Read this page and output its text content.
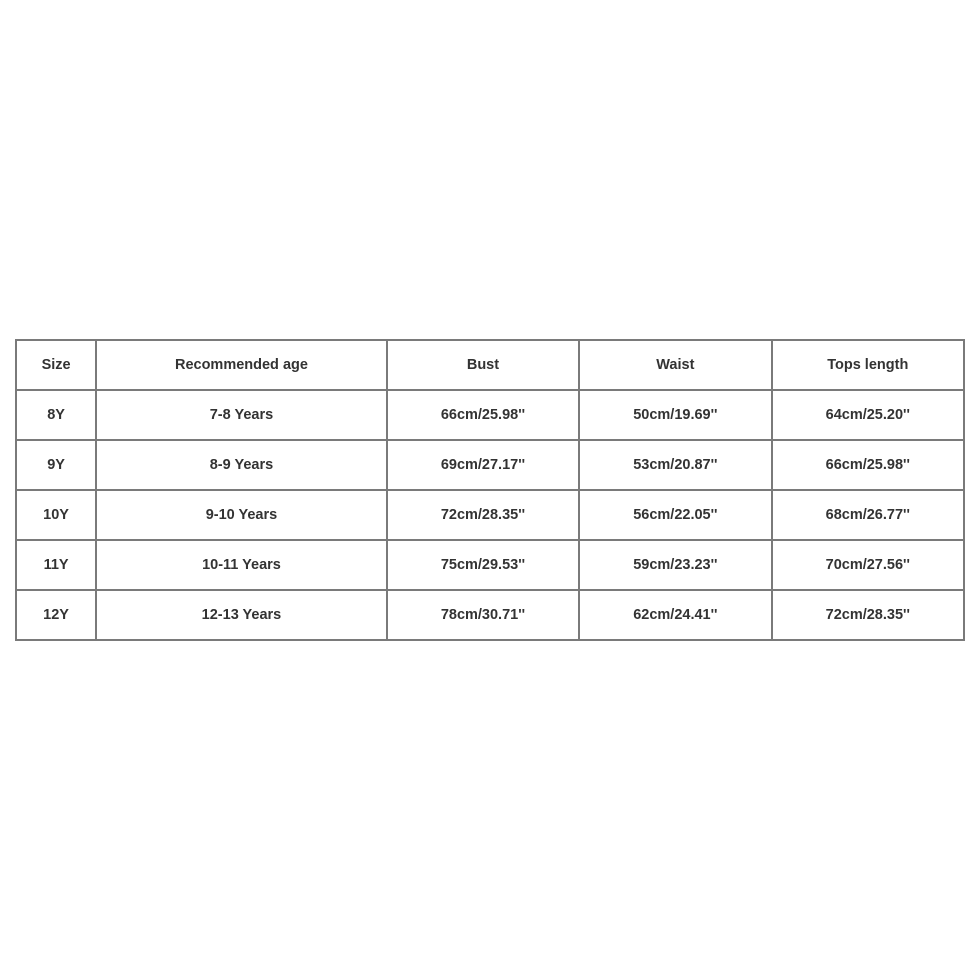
Size	Recommended age	Bust	Waist	Tops length
8Y	7-8 Years	66cm/25.98''	50cm/19.69''	64cm/25.20''
9Y	8-9 Years	69cm/27.17''	53cm/20.87''	66cm/25.98''
10Y	9-10 Years	72cm/28.35''	56cm/22.05''	68cm/26.77''
11Y	10-11 Years	75cm/29.53''	59cm/23.23''	70cm/27.56''
12Y	12-13 Years	78cm/30.71''	62cm/24.41''	72cm/28.35''
